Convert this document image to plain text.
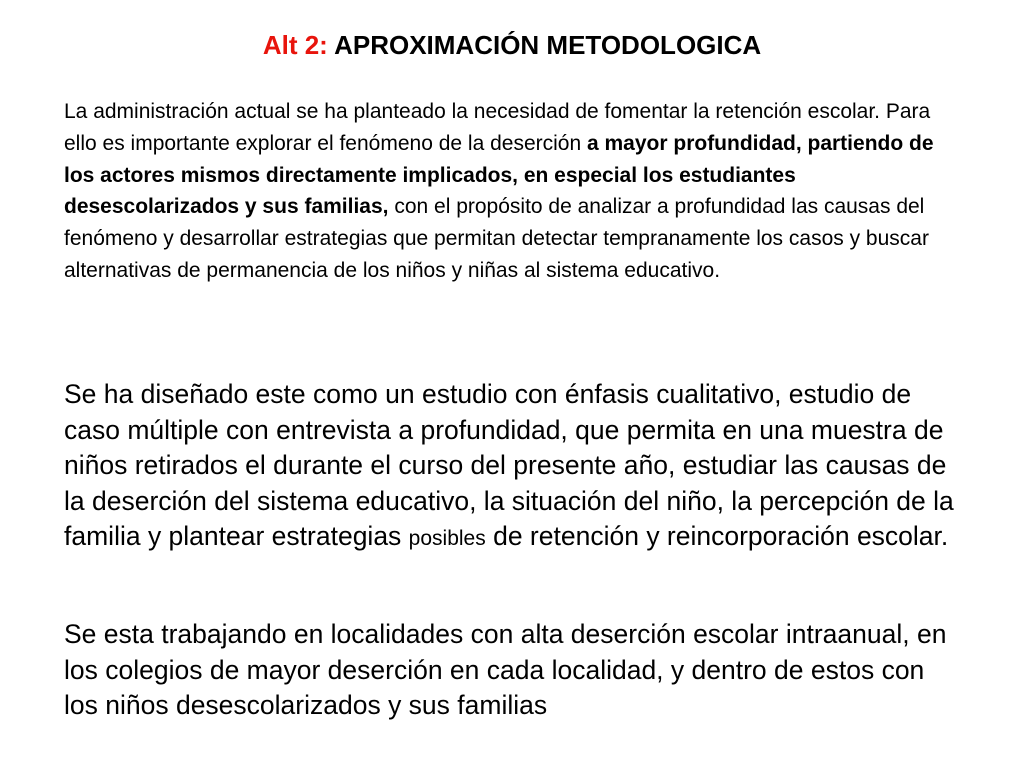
Alt 2: APROXIMACIÓN METODOLOGICA
La administración actual se ha planteado la necesidad de fomentar la retención escolar. Para ello es importante explorar el fenómeno de la deserción a mayor profundidad, partiendo de los actores mismos directamente implicados, en especial los estudiantes desescolarizados y sus familias, con el propósito de analizar a profundidad las causas del fenómeno y desarrollar estrategias que permitan detectar tempranamente los casos y buscar alternativas de permanencia de los niños y niñas al sistema educativo.
Se ha diseñado este como un estudio con énfasis cualitativo, estudio de caso múltiple con entrevista a profundidad, que permita en una muestra de niños retirados el durante el curso del presente año, estudiar las causas de la deserción del sistema educativo, la situación del niño, la percepción de la familia y plantear estrategias posibles de retención y reincorporación escolar.
Se esta trabajando en localidades con alta deserción escolar intraanual, en los colegios de mayor deserción en cada localidad, y dentro de estos con los niños desescolarizados y sus familias
